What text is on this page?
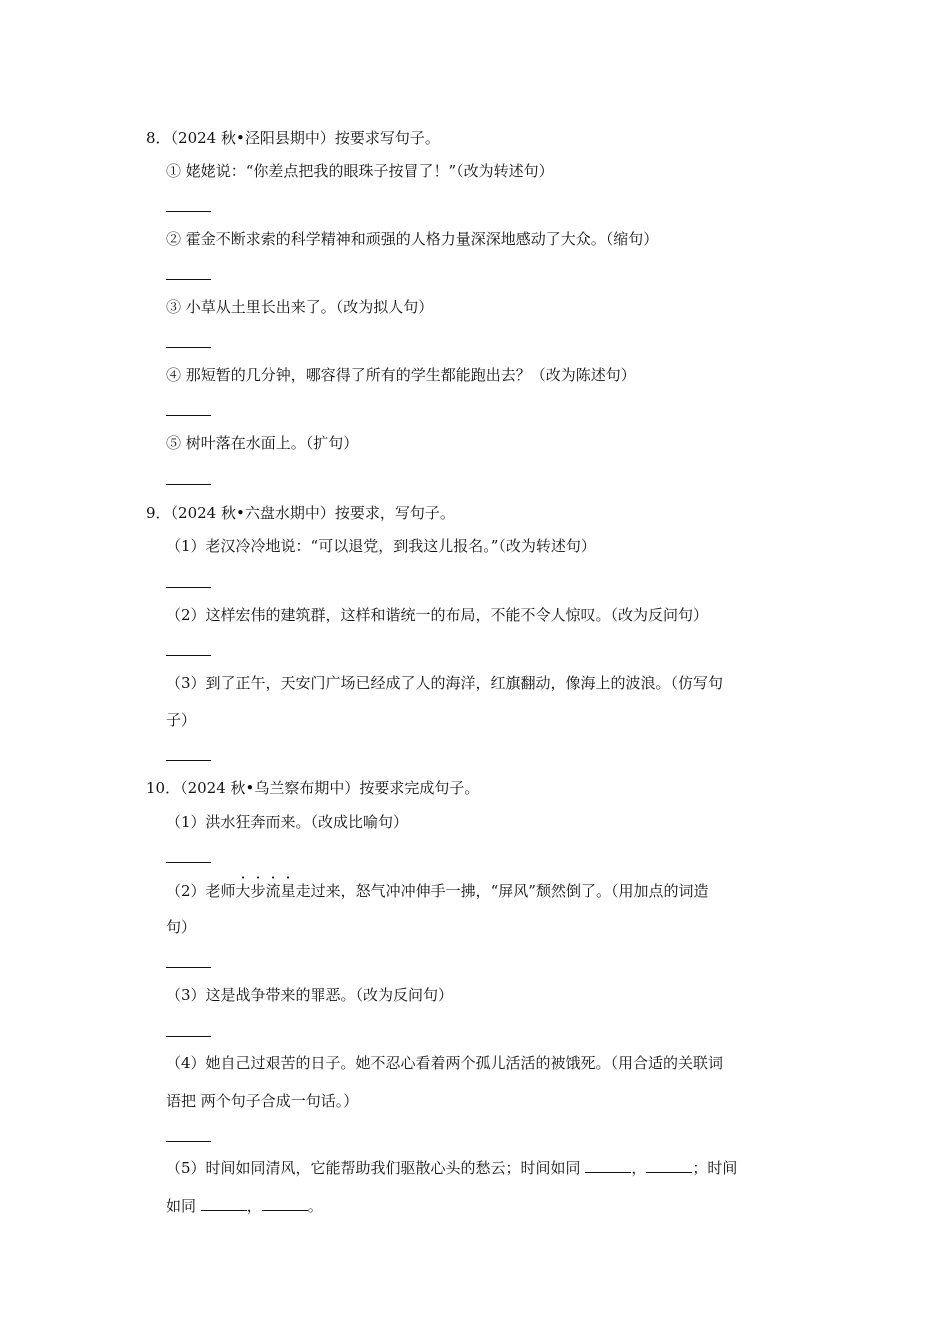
8．（2024 秋•泾阳县期中）按要求写句子。
① 姥姥说：“你差点把我的眼珠子按冒了！”（改为转述句）
② 霍金不断求索的科学精神和顽强的人格力量深深地感动了大众。（缩句）
③ 小草从土里长出来了。（改为拟人句）
④ 那短暂的几分钟，哪容得了所有的学生都能跑出去？（改为陈述句）
⑤ 树叶落在水面上。（扩句）
9．（2024 秋•六盘水期中）按要求，写句子。
（1）老汉冷冷地说：“可以退党，到我这儿报名。”（改为转述句）
（2）这样宏伟的建筑群，这样和谐统一的布局，不能不令人惊叹。（改为反问句）
（3）到了正午，天安门广场已经成了人的海洋，红旗翻动，像海上的波浪。（仿写句
子）
10．（2024 秋•乌兰察布期中）按要求完成句子。
（1）洪水狂奔而来。（改成比喻句）
（2）老师大步流星走过来，怒气冲冲伸手一拂，“屏风”颓然倒了。（用加点的词造
句）
（3）这是战争带来的罪恶。（改为反问句）
（4）她自己过艰苦的日子。她不忍心看着两个孤儿活活的被饿死。（用合适的关联词
语把 两个句子合成一句话。）
（5）时间如同清风，它能帮助我们驱散心头的愁云；时间如同	，	；时间
如同	，	。
